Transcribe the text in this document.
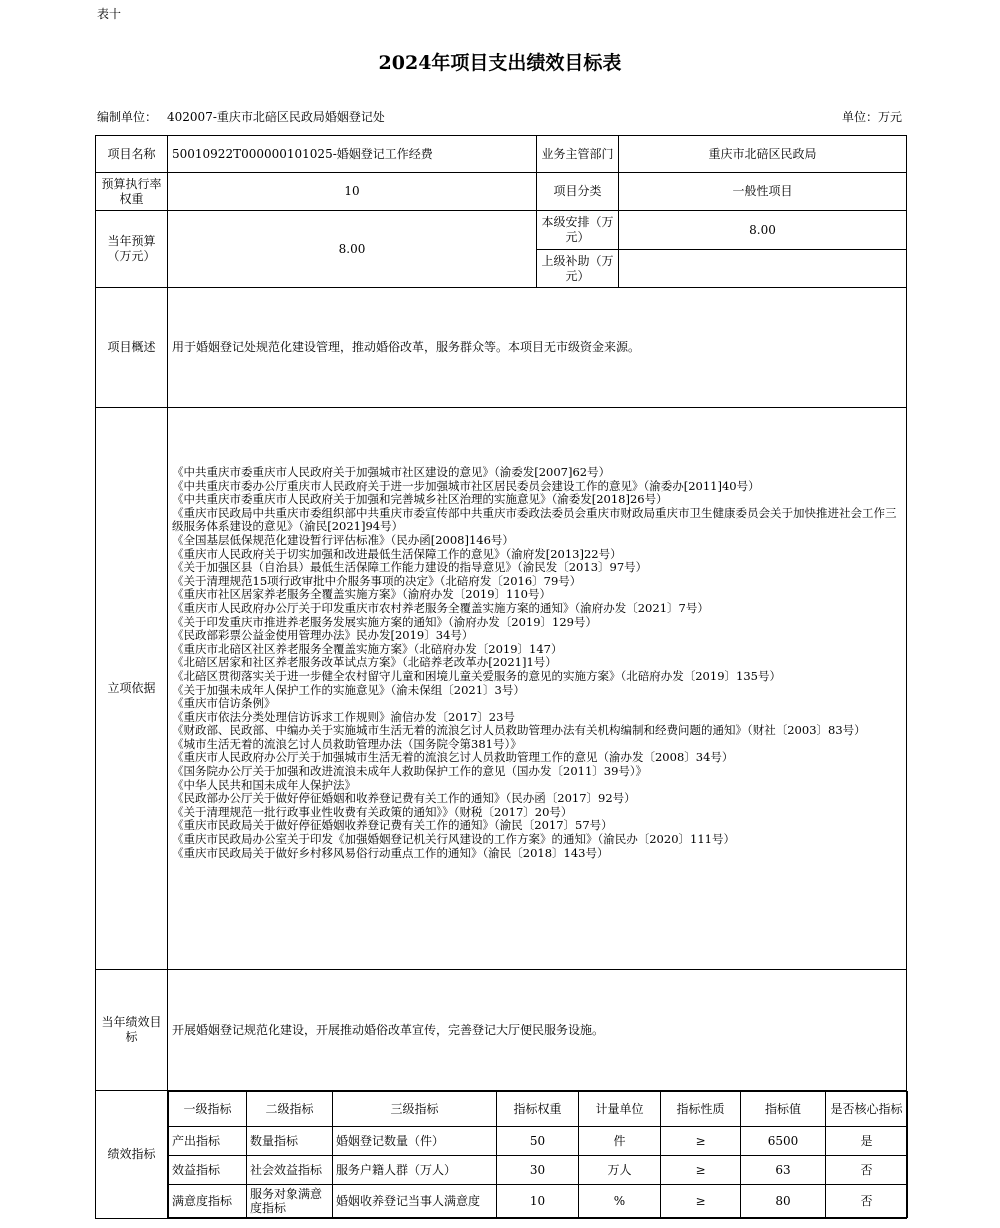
表十
2024年项目支出绩效目标表
编制单位： 402007-重庆市北碚区民政局婚姻登记处	单位：万元
项目名称	50010922T000000101025-婚姻登记工作经费	业务主管部门	重庆市北碚区民政局
预算执行率权重	10	项目分类	一般性项目
当年预算（万元）	8.00	本级安排（万元）	8.00
上级补助（万元）	
项目概述	用于婚姻登记处规范化建设管理，推动婚俗改革，服务群众等。本项目无市级资金来源。
立项依据	
《中共重庆市委重庆市人民政府关于加强城市社区建设的意见》（渝委发[2007]62号）
《中共重庆市委办公厅重庆市人民政府关于进一步加强城市社区居民委员会建设工作的意见》（渝委办[2011]40号）
《中共重庆市委重庆市人民政府关于加强和完善城乡社区治理的实施意见》（渝委发[2018]26号）
《重庆市民政局中共重庆市委组织部中共重庆市委宣传部中共重庆市委政法委员会重庆市财政局重庆市卫生健康委员会关于加快推进社会工作三级服务体系建设的意见》（渝民[2021]94号）
《全国基层低保规范化建设暂行评估标准》（民办函[2008]146号）
《重庆市人民政府关于切实加强和改进最低生活保障工作的意见》（渝府发[2013]22号）
《关于加强区县（自治县）最低生活保障工作能力建设的指导意见》（渝民发〔2013〕97号）
《关于清理规范15项行政审批中介服务事项的决定》（北碚府发〔2016〕79号）
《重庆市社区居家养老服务全覆盖实施方案》（渝府办发〔2019〕110号）
《重庆市人民政府办公厅关于印发重庆市农村养老服务全覆盖实施方案的通知》（渝府办发〔2021〕7号）
《关于印发重庆市推进养老服务发展实施方案的通知》（渝府办发〔2019〕129号）
《民政部彩票公益金使用管理办法》民办发[2019〕34号）
《重庆市北碚区社区养老服务全覆盖实施方案》（北碚府办发〔2019〕147）
《北碚区居家和社区养老服务改革试点方案》（北碚养老改革办[2021]1号）
《北碚区贯彻落实关于进一步健全农村留守儿童和困境儿童关爱服务的意见的实施方案》（北碚府办发〔2019〕135号）
《关于加强未成年人保护工作的实施意见》（渝未保组〔2021〕3号）
《重庆市信访条例》
《重庆市依法分类处理信访诉求工作规则》渝信办发〔2017〕23号
《财政部、民政部、中编办关于实施城市生活无着的流浪乞讨人员救助管理办法有关机构编制和经费问题的通知》（财社〔2003〕83号）
《城市生活无着的流浪乞讨人员救助管理办法（国务院令第381号）》
《重庆市人民政府办公厅关于加强城市生活无着的流浪乞讨人员救助管理工作的意见（渝办发〔2008〕34号）
《国务院办公厅关于加强和改进流浪未成年人救助保护工作的意见（国办发〔2011〕39号）》
《中华人民共和国未成年人保护法》
《民政部办公厅关于做好停征婚姻和收养登记费有关工作的通知》（民办函〔2017〕92号）
《关于清理规范一批行政事业性收费有关政策的通知》》（财税〔2017〕20号）
《重庆市民政局关于做好停征婚姻收养登记费有关工作的通知》（渝民〔2017〕57号）
《重庆市民政局办公室关于印发《加强婚姻登记机关行风建设的工作方案》的通知》（渝民办〔2020〕111号）
《重庆市民政局关于做好乡村移风易俗行动重点工作的通知》（渝民〔2018〕143号）

当年绩效目标	开展婚姻登记规范化建设，开展推动婚俗改革宣传，完善登记大厅便民服务设施。
绩效指标	
一级指标	二级指标	三级指标	指标权重	计量单位	指标性质	指标值	是否核心指标
产出指标	数量指标	婚姻登记数量（件）	50	件	≥	6500	是
效益指标	社会效益指标	服务户籍人群（万人）	30	万人	≥	63	否
满意度指标	服务对象满意度指标	婚姻收养登记当事人满意度	10	%	≥	80	否
